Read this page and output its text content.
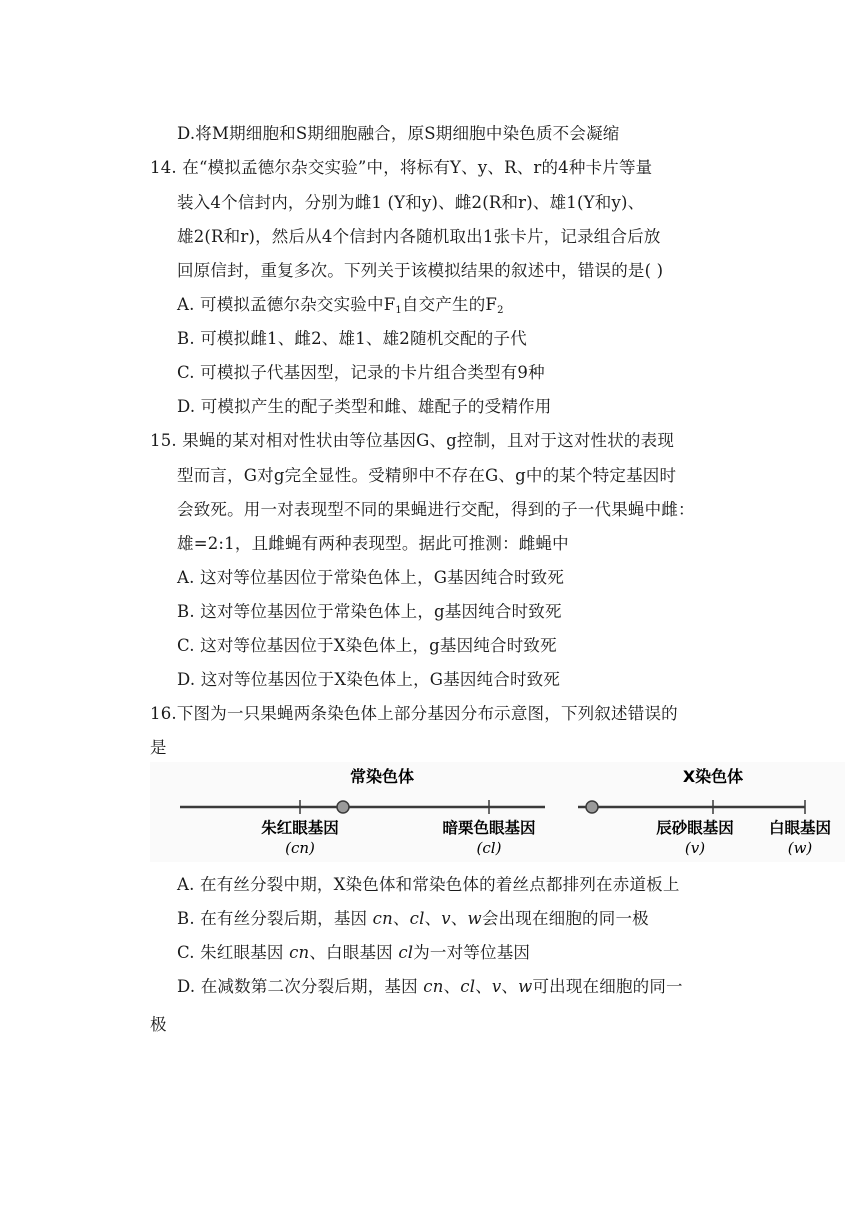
D.将M期细胞和S期细胞融合，原S期细胞中染色质不会凝缩
14. 在“模拟孟德尔杂交实验”中，将标有Y、y、R、r的4种卡片等量
装入4个信封内，分别为雌1 (Y和y)、雌2(R和r)、雄1(Y和y)、
雄2(R和r)，然后从4个信封内各随机取出1张卡片，记录组合后放
回原信封，重复多次。下列关于该模拟结果的叙述中，错误的是( )
A. 可模拟孟德尔杂交实验中$F_1$自交产生的$F_2$
B. 可模拟雌1、雌2、雄1、雄2随机交配的子代
C. 可模拟子代基因型，记录的卡片组合类型有9种
D. 可模拟产生的配子类型和雌、雄配子的受精作用
15. 果蝇的某对相对性状由等位基因G、g控制，且对于这对性状的表现
型而言，G对g完全显性。受精卵中不存在G、g中的某个特定基因时
会致死。用一对表现型不同的果蝇进行交配，得到的子一代果蝇中雌：
雄=2:1，且雌蝇有两种表现型。据此可推测：雌蝇中
A. 这对等位基因位于常染色体上，G基因纯合时致死
B. 这对等位基因位于常染色体上，g基因纯合时致死
C. 这对等位基因位于X染色体上，g基因纯合时致死
D. 这对等位基因位于X染色体上，G基因纯合时致死
16.下图为一只果蝇两条染色体上部分基因分布示意图，下列叙述错误的
是
常染色体	X染色体
朱红眼基因
(cn)
暗栗色眼基因
(cl)
辰砂眼基因
(v)
白眼基因
(w)
A. 在有丝分裂中期，X染色体和常染色体的着丝点都排列在赤道板上
B. 在有丝分裂后期，基因 cn、cl、v、w会出现在细胞的同一极
C. 朱红眼基因 cn、白眼基因 cl为一对等位基因
D. 在减数第二次分裂后期，基因 cn、cl、v、w可出现在细胞的同一
极
